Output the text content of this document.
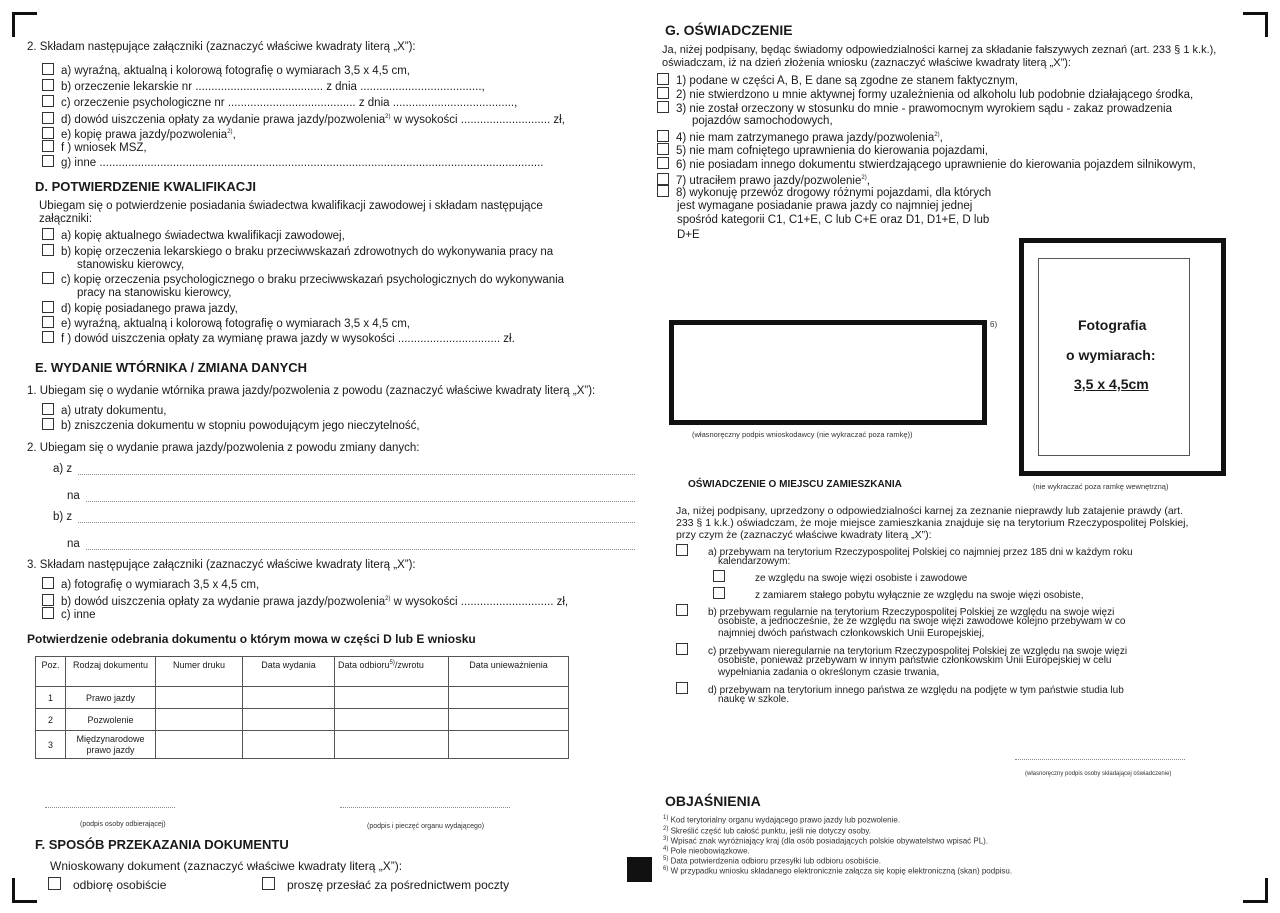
2. Składam następujące załączniki (zaznaczyć właściwe kwadraty literą „X”):
a) wyraźną, aktualną i kolorową fotografię o wymiarach 3,5 x 4,5 cm,
b) orzeczenie lekarskie nr ........................................ z dnia ......................................,
c) orzeczenie psychologiczne nr ........................................ z dnia ......................................,
d) dowód uiszczenia opłaty za wydanie prawa jazdy/pozwolenia$^{2)}$ w wysokości ............................ zł,
e) kopię prawa jazdy/pozwolenia$^{2)}$,
f ) wniosek MSZ,
g) inne ...........................................................................................................................................
D. POTWIERDZENIE KWALIFIKACJI
Ubiegam się o potwierdzenie posiadania świadectwa kwalifikacji zawodowej i składam następujące
załączniki:
a) kopię aktualnego świadectwa kwalifikacji zawodowej,
b) kopię orzeczenia lekarskiego o braku przeciwwskazań zdrowotnych do wykonywania pracy na
stanowisku kierowcy,
c) kopię orzeczenia psychologicznego o braku przeciwwskazań psychologicznych do wykonywania
pracy na stanowisku kierowcy,
d) kopię posiadanego prawa jazdy,
e) wyraźną, aktualną i kolorową fotografię o wymiarach 3,5 x 4,5 cm,
f ) dowód uiszczenia opłaty za wymianę prawa jazdy w wysokości ................................ zł.
E. WYDANIE WTÓRNIKA / ZMIANA DANYCH
1. Ubiegam się o wydanie wtórnika prawa jazdy/pozwolenia z powodu (zaznaczyć właściwe kwadraty literą „X”):
a) utraty dokumentu,
b) zniszczenia dokumentu w stopniu powodującym jego nieczytelność,
2. Ubiegam się o wydanie prawa jazdy/pozwolenia z powodu zmiany danych:
a) z
na
b) z
na
3. Składam następujące załączniki (zaznaczyć właściwe kwadraty literą „X”):
a) fotografię o wymiarach 3,5 x 4,5 cm,
b) dowód uiszczenia opłaty za wydanie prawa jazdy/pozwolenia$^{2)}$ w wysokości ............................. zł,
c) inne
Potwierdzenie odebrania dokumentu o którym mowa w części D lub E wniosku
Poz.	Rodzaj dokumentu	Numer druku	Data wydania	Data odbioru$^{5)}$/zwrotu	Data unieważnienia
1	Prawo jazdy				
2	Pozwolenie				
3	Międzynarodowe prawo jazdy				
(podpis osoby odbierającej)	(podpis i pieczęć organu wydającego)
F. SPOSÓB PRZEKAZANIA DOKUMENTU
Wnioskowany dokument (zaznaczyć właściwe kwadraty literą „X”):
odbiorę osobiście	proszę przesłać za pośrednictwem poczty
G. OŚWIADCZENIE
Ja, niżej podpisany, będąc świadomy odpowiedzialności karnej za składanie fałszywych zeznań (art. 233 § 1 k.k.),
oświadczam, iż na dzień złożenia wniosku (zaznaczyć właściwe kwadraty literą „X”):
1) podane w części A, B, E dane są zgodne ze stanem faktycznym,
2) nie stwierdzono u mnie aktywnej formy uzależnienia od alkoholu lub podobnie działającego środka,
3) nie został orzeczony w stosunku do mnie - prawomocnym wyrokiem sądu - zakaz prowadzenia
pojazdów samochodowych,
4) nie mam zatrzymanego prawa jazdy/pozwolenia$^{2)}$,
5) nie mam cofniętego uprawnienia do kierowania pojazdami,
6) nie posiadam innego dokumentu stwierdzającego uprawnienie do kierowania pojazdem silnikowym,
7) utraciłem prawo jazdy/pozwolenie$^{2)}$,
8) wykonuję przewóz drogowy różnymi pojazdami, dla których
jest wymagane posiadanie prawa jazdy co najmniej jednej
spośród kategorii C1, C1+E, C lub C+E oraz D1, D1+E, D lub
D+E
6)
(własnoręczny podpis wnioskodawcy (nie wykraczać poza ramkę))
Fotografia
o wymiarach:
3,5 x 4,5cm
(nie wykraczać poza ramkę wewnętrzną)
OŚWIADCZENIE O MIEJSCU ZAMIESZKANIA
Ja, niżej podpisany, uprzedzony o odpowiedzialności karnej za zeznanie nieprawdy lub zatajenie prawdy (art.
233 § 1 k.k.) oświadczam, że moje miejsce zamieszkania znajduje się na terytorium Rzeczypospolitej Polskiej,
przy czym że (zaznaczyć właściwe kwadraty literą „X”):
a) przebywam na terytorium Rzeczypospolitej Polskiej co najmniej przez 185 dni w każdym roku
kalendarzowym:
ze względu na swoje więzi osobiste i zawodowe
z zamiarem stałego pobytu wyłącznie ze względu na swoje więzi osobiste,
b) przebywam regularnie na terytorium Rzeczypospolitej Polskiej ze względu na swoje więzi
osobiste, a jednocześnie, że ze względu na swoje więzi zawodowe kolejno przebywam w co
najmniej dwóch państwach członkowskich Unii Europejskiej,
c) przebywam nieregularnie na terytorium Rzeczypospolitej Polskiej ze względu na swoje więzi
osobiste, ponieważ przebywam w innym państwie członkowskim Unii Europejskiej w celu
wypełniania zadania o określonym czasie trwania,
d) przebywam na terytorium innego państwa ze względu na podjęte w tym państwie studia lub
naukę w szkole.
(własnoręczny podpis osoby składającej oświadczenie)
OBJAŚNIENIA
$^{1)}$ Kod terytorialny organu wydającego prawo jazdy lub pozwolenie.
$^{2)}$ Skreślić część lub całość punktu, jeśli nie dotyczy osoby.
$^{3)}$ Wpisać znak wyróżniający kraj (dla osób posiadających polskie obywatelstwo wpisać PL).
$^{4)}$ Pole nieobowiązkowe.
$^{5)}$ Data potwierdzenia odbioru przesyłki lub odbioru osobiście.
$^{6)}$ W przypadku wniosku składanego elektronicznie załącza się kopię elektroniczną (skan) podpisu.
